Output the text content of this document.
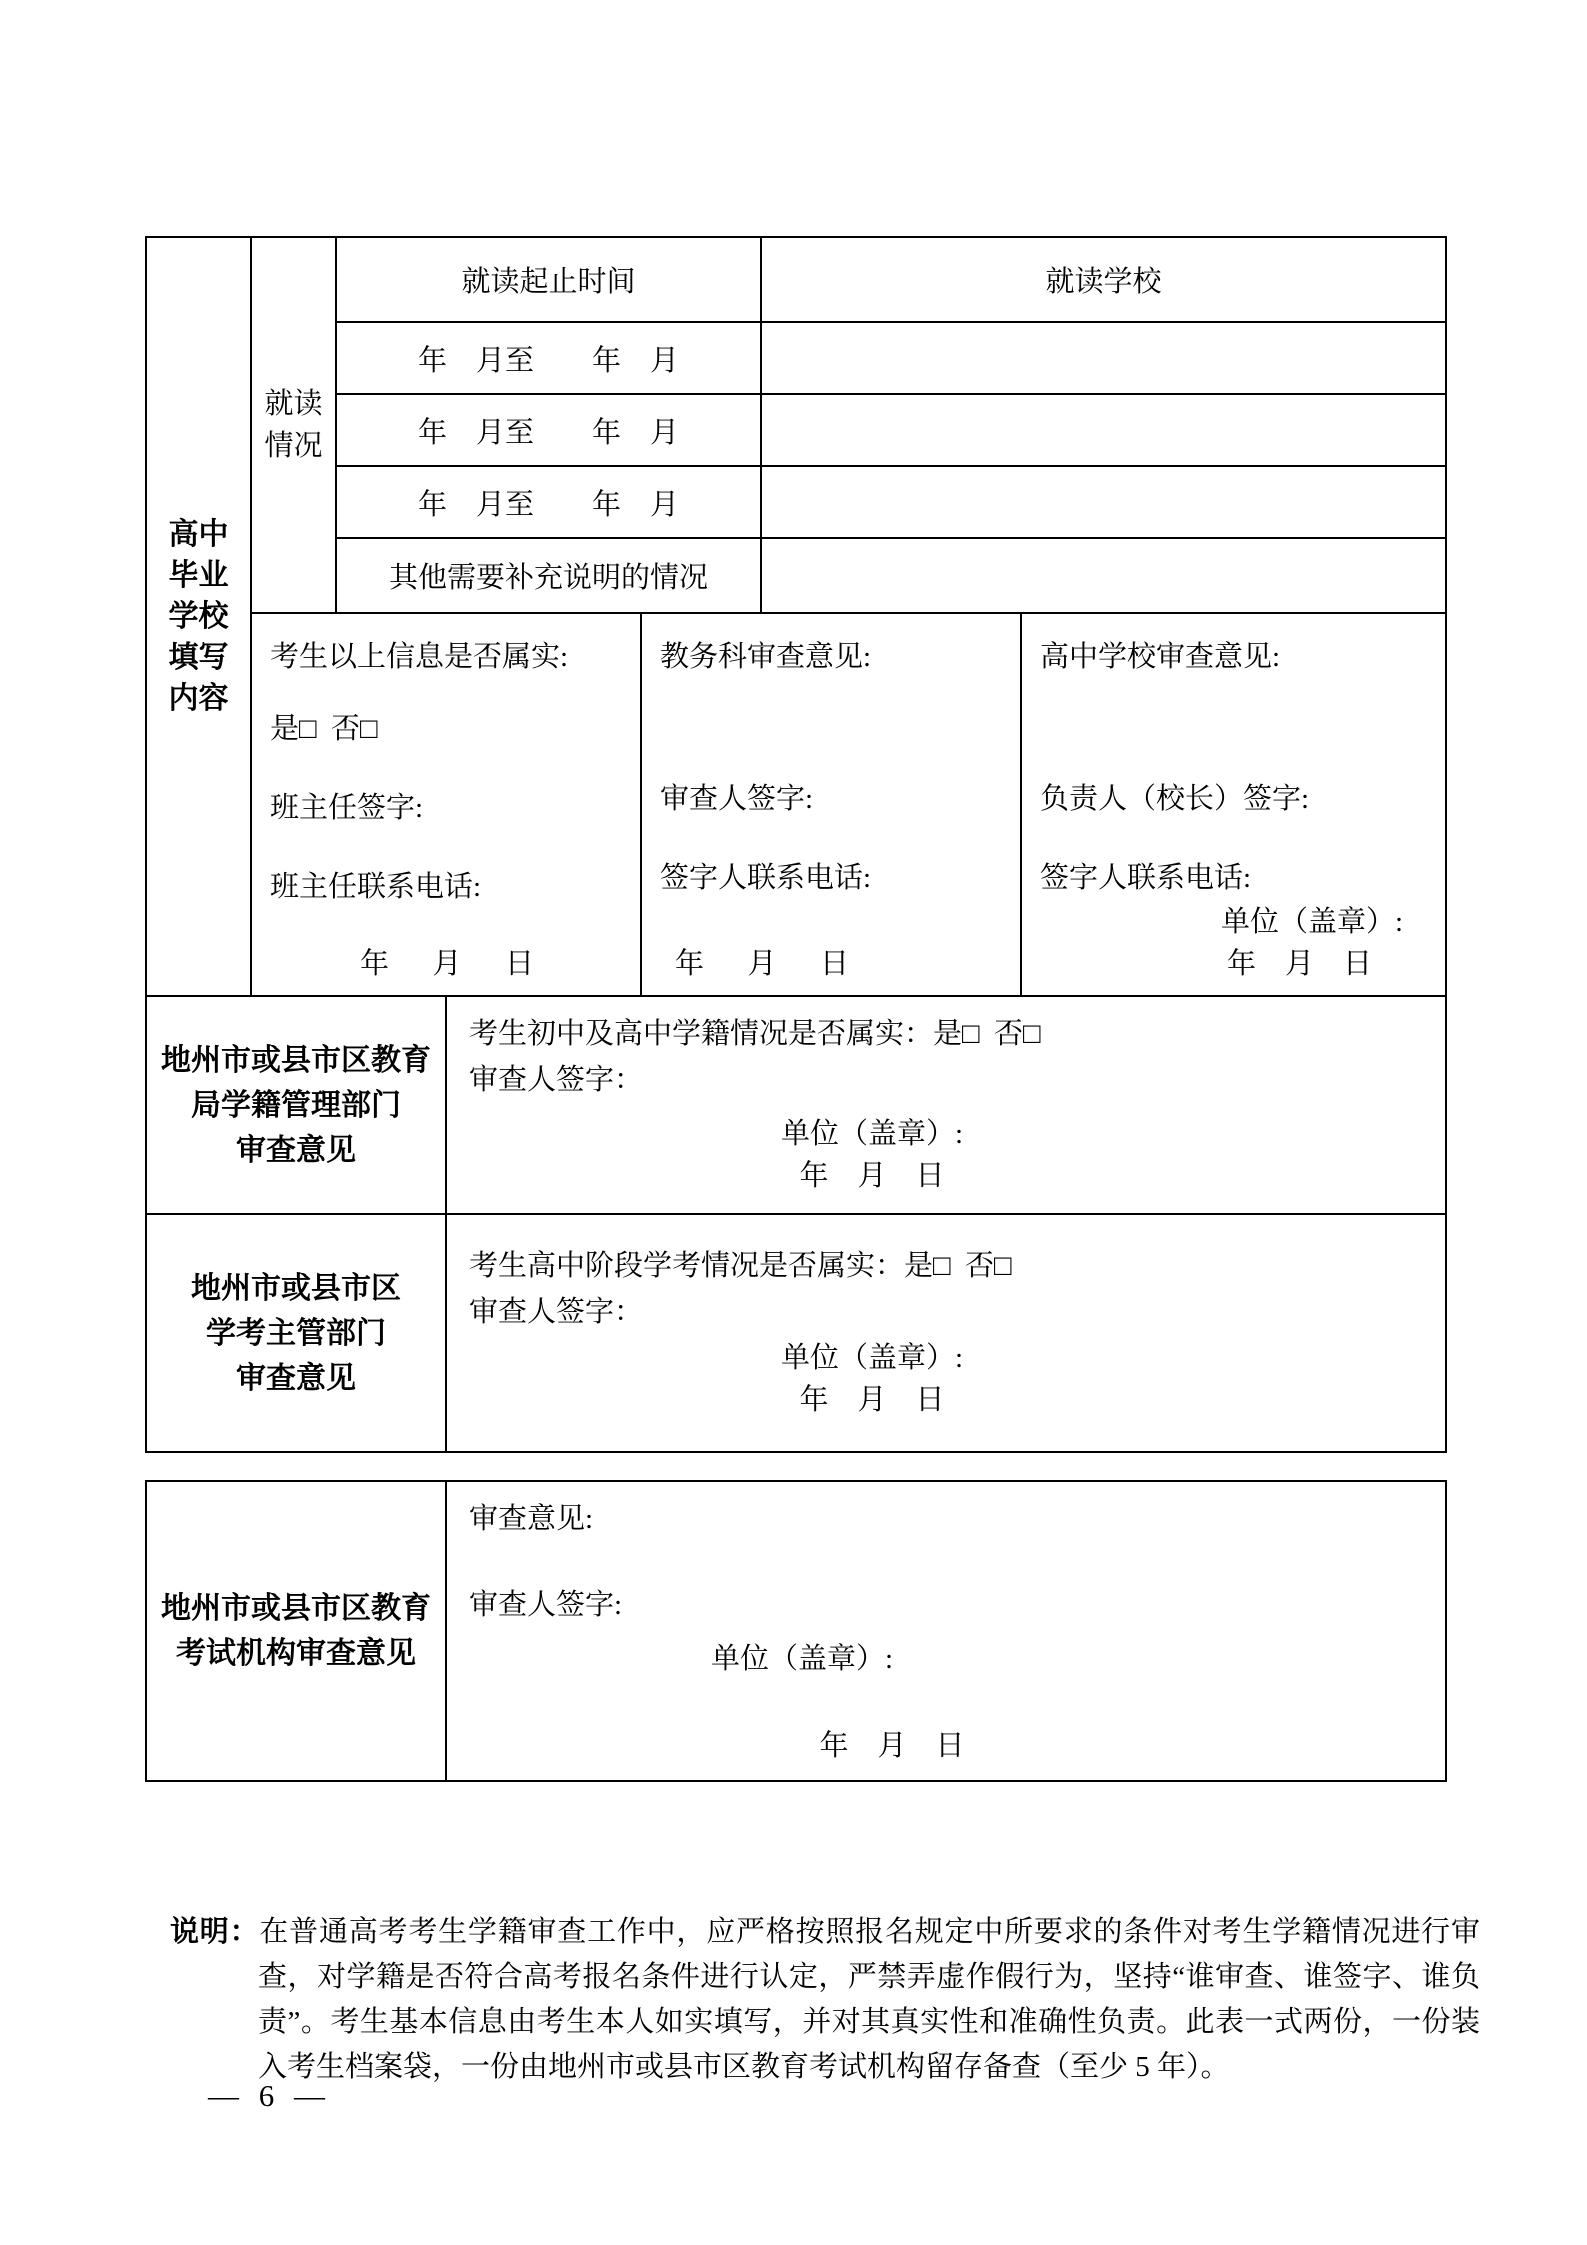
高中
毕业
学校
填写
内容

就读
情况
	就读起止时间	就读学校
		年    月至        年    月			
		年    月至        年    月			
		年    月至        年    月			
		其他需要补充说明的情况			

考生以上信息是否属实:
是□  否□
班主任签字:
班主任联系电话:
年      月      日

教务科审查意见:
审查人签字:
签字人联系电话:
年      月      日

高中学校审查意见:
负责人（校长）签字:
签字人联系电话:
单位（盖章）:
年    月    日
地州市或县市区教育
局学籍管理部门
审查意见

考生初中及高中学籍情况是否属实：是□  否□
审查人签字：
单位（盖章）:
年    月    日
地州市或县市区
学考主管部门
审查意见

考生高中阶段学考情况是否属实：是□  否□
审查人签字：
单位（盖章）:
年    月    日
地州市或县市区教育
考试机构审查意见

审查意见:
审查人签字:
单位（盖章）:
年    月    日
说明：在普通高考考生学籍审查工作中，应严格按照报名规定中所要求的条件对考生学籍情况进行审查，对学籍是否符合高考报名条件进行认定，严禁弄虚作假行为，坚持“谁审查、谁签字、谁负责”。考生基本信息由考生本人如实填写，并对其真实性和准确性负责。此表一式两份，一份装入考生档案袋，一份由地州市或县市区教育考试机构留存备查（至少 5 年）。
— 6 —
